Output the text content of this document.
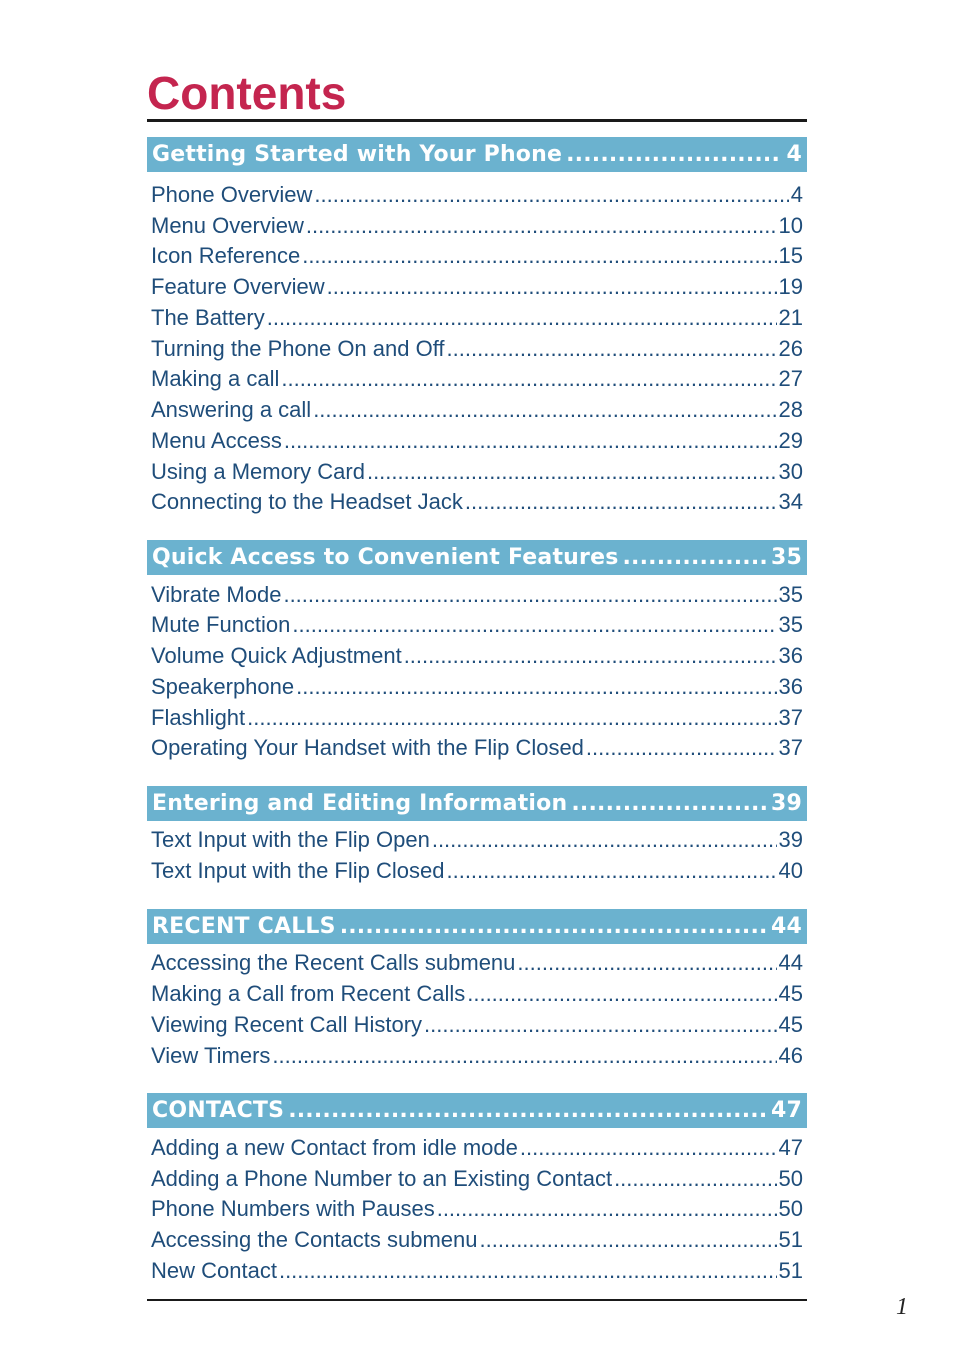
Contents
Getting Started with Your Phone .....	4
Phone Overview .....	4
Menu Overview .....	10
Icon Reference .....	15
Feature Overview .....	19
The Battery .....	21
Turning the Phone On and Off .....	26
Making a call .....	27
Answering a call .....	28
Menu Access .....	29
Using a Memory Card .....	30
Connecting to the Headset Jack .....	34
Quick Access to Convenient Features .....	35
Vibrate Mode .....	35
Mute Function .....	35
Volume Quick Adjustment .....	36
Speakerphone .....	36
Flashlight .....	37
Operating Your Handset with the Flip Closed .....	37
Entering and Editing Information .....	39
Text Input with the Flip Open .....	39
Text Input with the Flip Closed .....	40
RECENT CALLS .....	44
Accessing the Recent Calls submenu .....	44
Making a Call from Recent Calls .....	45
Viewing Recent Call History .....	45
View Timers .....	46
CONTACTS .....	47
Adding a new Contact from idle mode .....	47
Adding a Phone Number to an Existing Contact .....	50
Phone Numbers with Pauses .....	50
Accessing the Contacts submenu .....	51
New Contact .....	51
1
